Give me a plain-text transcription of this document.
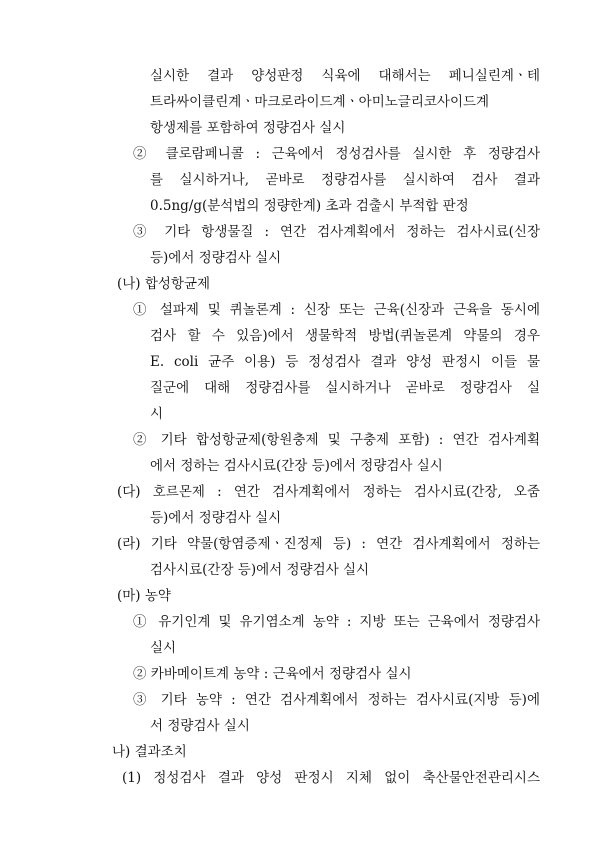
실시한 결과 양성판정 식육에 대해서는 페니실린계ㆍ테
트라싸이클린계ㆍ마크로라이드계ㆍ아미노글리코사이드계
항생제를 포함하여 정량검사 실시
② 클로람페니콜 : 근육에서 정성검사를 실시한 후 정량검사
를 실시하거나, 곧바로 정량검사를 실시하여 검사 결과
0.5ng/g(분석법의 정량한계) 초과 검출시 부적합 판정
③ 기타 항생물질 : 연간 검사계획에서 정하는 검사시료(신장
등)에서 정량검사 실시
(나) 합성항균제
① 설파제 및 퀴놀론계 : 신장 또는 근육(신장과 근육을 동시에
검사 할 수 있음)에서 생물학적 방법(퀴놀론계 약물의 경우
E. coli 균주 이용) 등 정성검사 결과 양성 판정시 이들 물
질군에 대해 정량검사를 실시하거나 곧바로 정량검사 실
시
② 기타 합성항균제(항원충제 및 구충제 포함) : 연간 검사계획
에서 정하는 검사시료(간장 등)에서 정량검사 실시
(다) 호르몬제 : 연간 검사계획에서 정하는 검사시료(간장, 오줌
등)에서 정량검사 실시
(라) 기타 약물(항염증제ㆍ진정제 등) : 연간 검사계획에서 정하는
검사시료(간장 등)에서 정량검사 실시
(마) 농약
① 유기인계 및 유기염소계 농약 : 지방 또는 근육에서 정량검사
실시
② 카바메이트계 농약 : 근육에서 정량검사 실시
③ 기타 농약 : 연간 검사계획에서 정하는 검사시료(지방 등)에
서 정량검사 실시
나) 결과조치
(1) 정성검사 결과 양성 판정시 지체 없이 축산물안전관리시스
